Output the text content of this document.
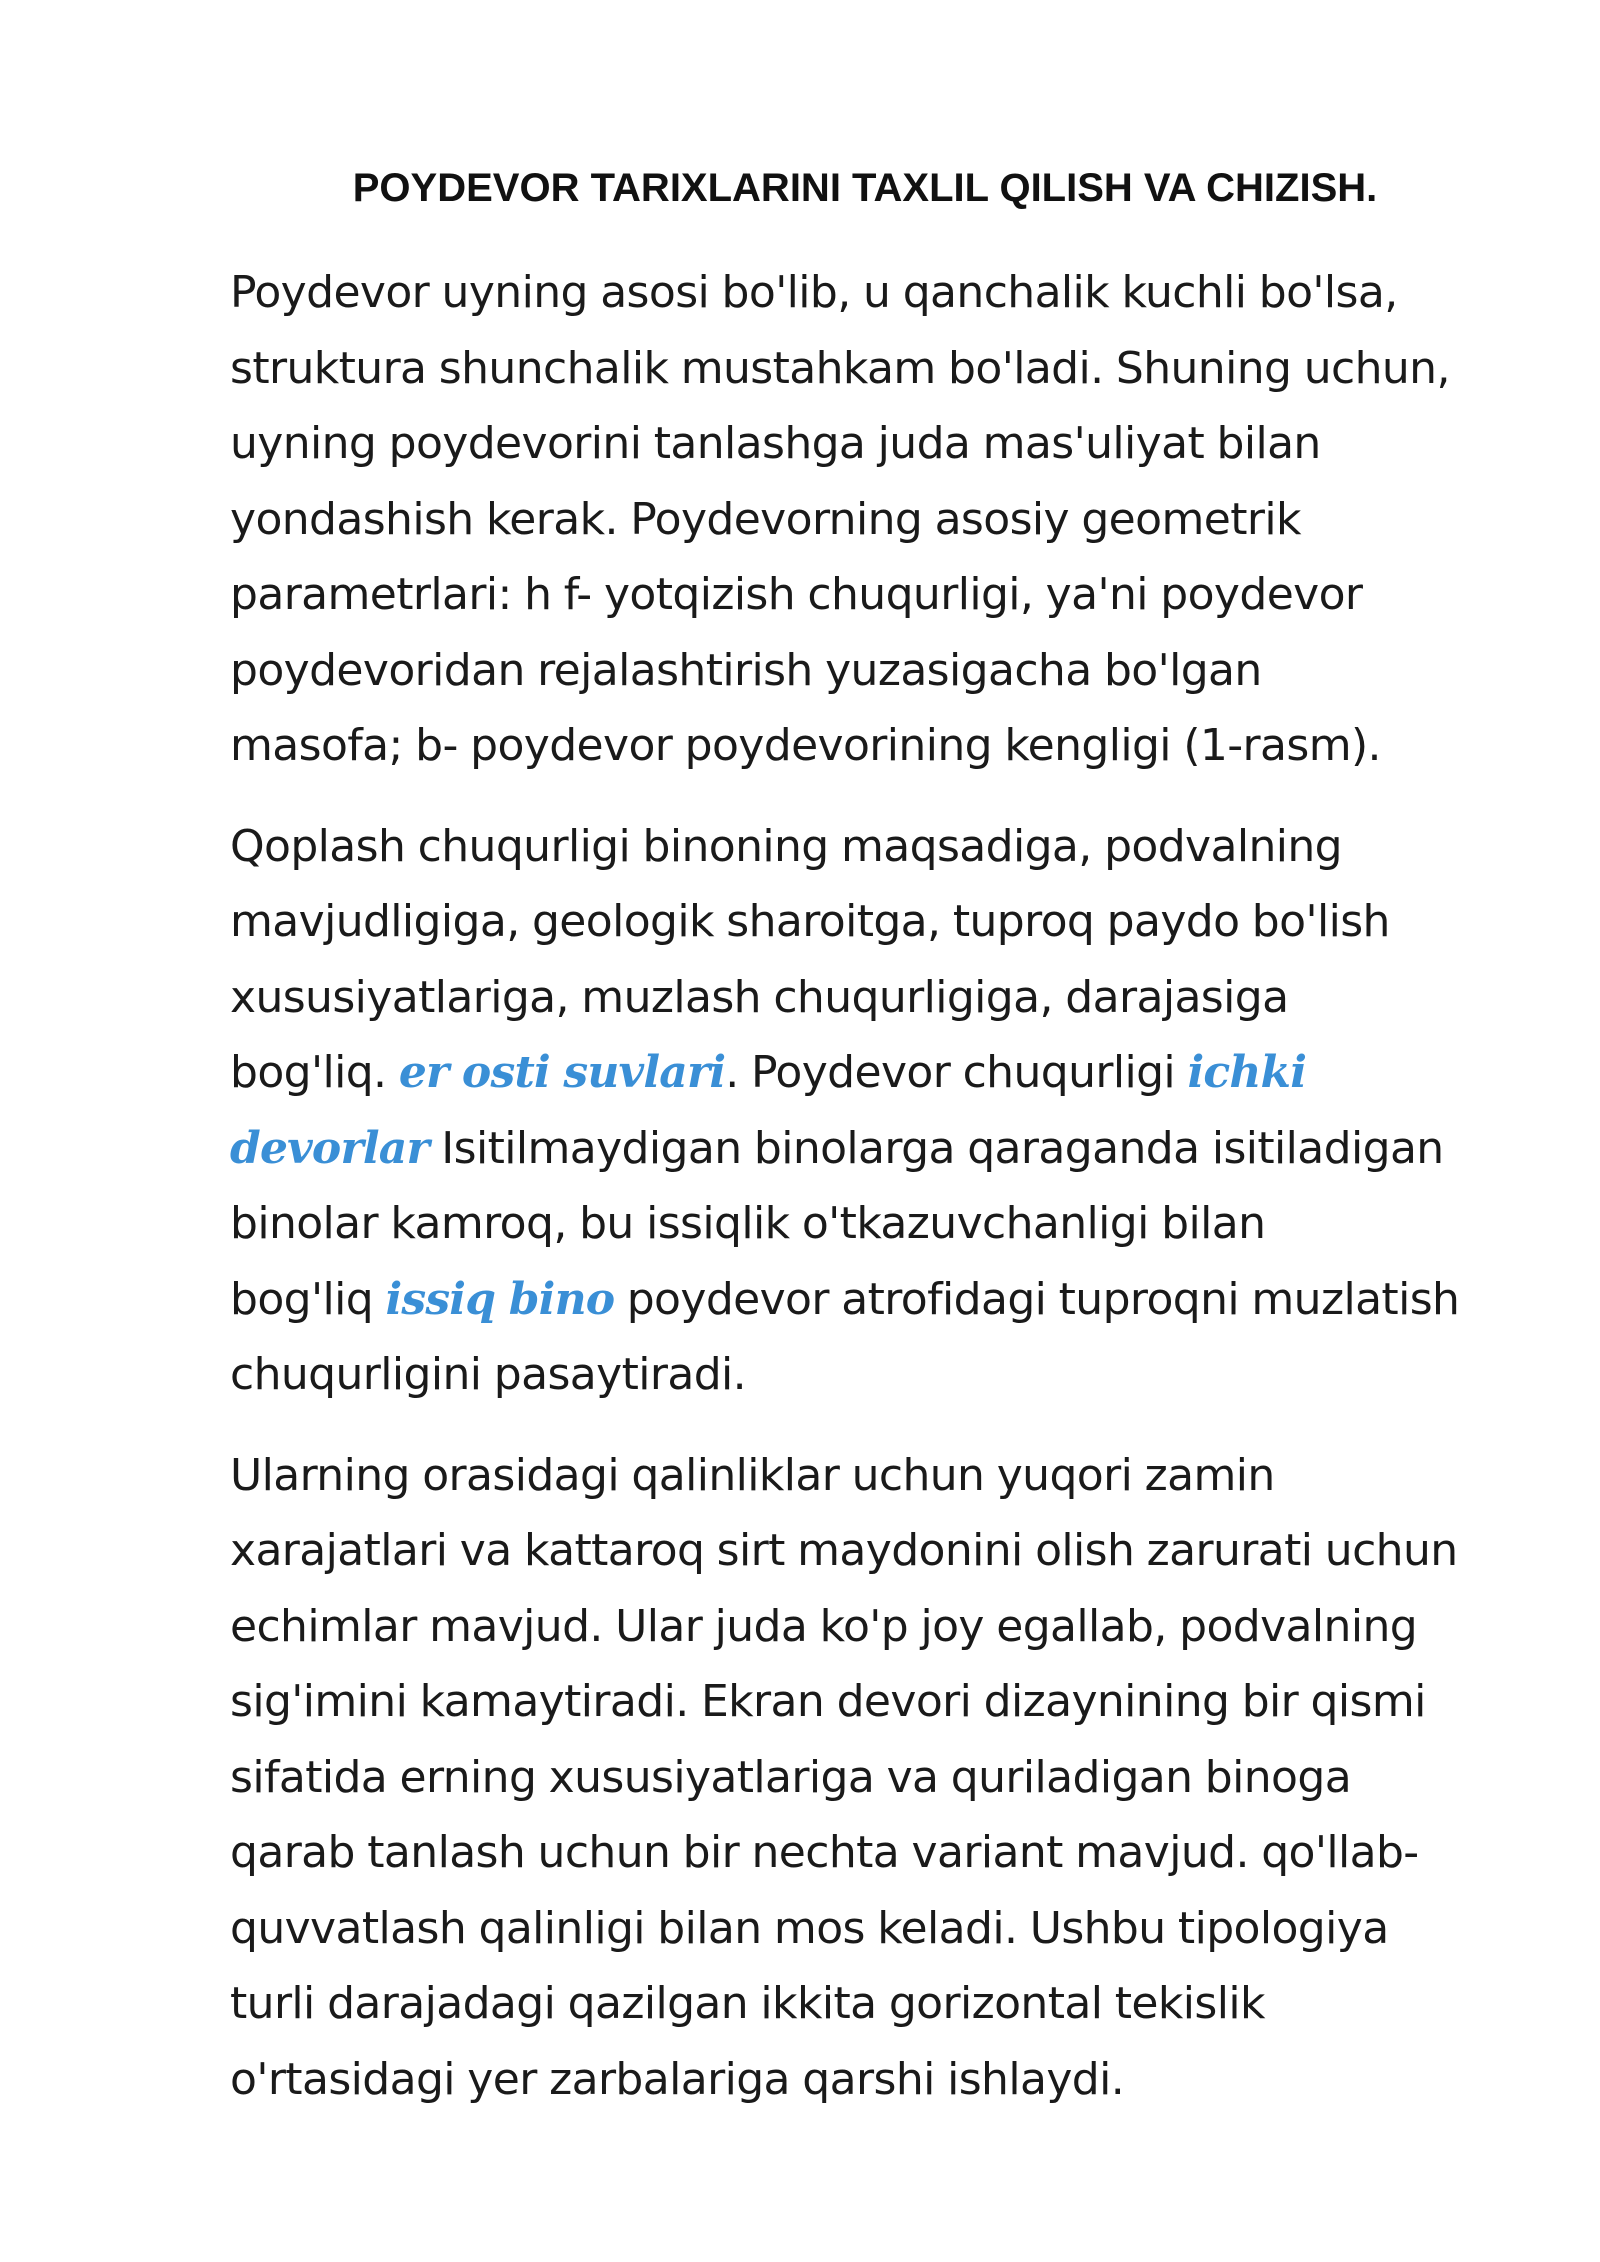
POYDEVOR TARIXLARINI TAXLIL QILISH VA CHIZISH.

Poydevor uyning asosi bo'lib, u qanchalik kuchli bo'lsa,
struktura shunchalik mustahkam bo'ladi. Shuning uchun,
uyning poydevorini tanlashga juda mas'uliyat bilan
yondashish kerak. Poydevorning asosiy geometrik
parametrlari: h f- yotqizish chuqurligi, ya'ni poydevor
poydevoridan rejalashtirish yuzasigacha bo'lgan
masofa; b- poydevor poydevorining kengligi (1-rasm).

Qoplash chuqurligi binoning maqsadiga, podvalning
mavjudligiga, geologik sharoitga, tuproq paydo bo'lish
xususiyatlariga, muzlash chuqurligiga, darajasiga
bog'liq. er osti suvlari. Poydevor chuqurligi ichki
devorlar Isitilmaydigan binolarga qaraganda isitiladigan
binolar kamroq, bu issiqlik o'tkazuvchanligi bilan
bog'liq issiq bino poydevor atrofidagi tuproqni muzlatish
chuqurligini pasaytiradi.

Ularning orasidagi qalinliklar uchun yuqori zamin
xarajatlari va kattaroq sirt maydonini olish zarurati uchun
echimlar mavjud. Ular juda ko'p joy egallab, podvalning
sig'imini kamaytiradi. Ekran devori dizaynining bir qismi
sifatida erning xususiyatlariga va quriladigan binoga
qarab tanlash uchun bir nechta variant mavjud. qo'llab-
quvvatlash qalinligi bilan mos keladi. Ushbu tipologiya
turli darajadagi qazilgan ikkita gorizontal tekislik
o'rtasidagi yer zarbalariga qarshi ishlaydi.
